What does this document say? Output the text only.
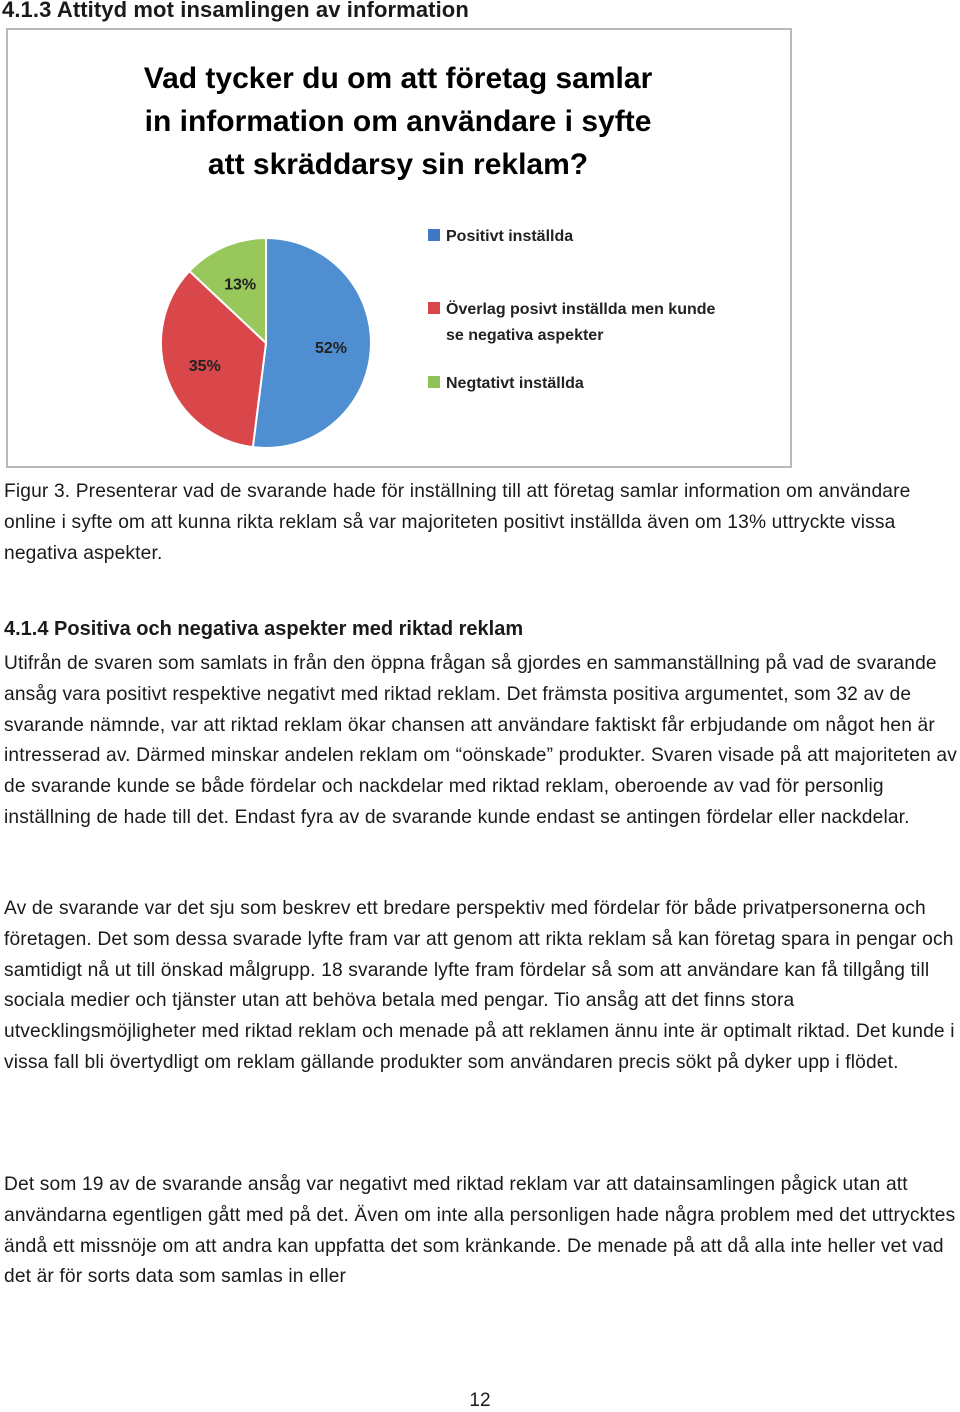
4.1.3 Attityd mot insamlingen av information
Vad tycker du om att företag samlar
in information om användare i syfte
att skräddarsy sin reklam?
52%
35%
13%
Positivt inställda
Överlag posivt inställda men kunde
se negativa aspekter
Negtativt inställda

Figur 3. Presenterar vad de svarande hade för inställning till att företag samlar information om användare online i syfte om att kunna rikta reklam så var majoriteten positivt inställda även om 13% uttryckte vissa negativa aspekter.

4.1.4 Positiva och negativa aspekter med riktad reklam

Utifrån de svaren som samlats in från den öppna frågan så gjordes en sammanställning på vad de svarande ansåg vara positivt respektive negativt med riktad reklam. Det främsta positiva argumentet, som 32 av de svarande nämnde, var att riktad reklam ökar chansen att användare faktiskt får erbjudande om något hen är intresserad av. Därmed minskar andelen reklam om “oönskade” produkter. Svaren visade på att majoriteten av de svarande kunde se både fördelar och nackdelar med riktad reklam, oberoende av vad för personlig inställning de hade till det. Endast fyra av de svarande kunde endast se antingen fördelar eller nackdelar.

Av de svarande var det sju som beskrev ett bredare perspektiv med fördelar för både privatpersonerna och företagen. Det som dessa svarade lyfte fram var att genom att rikta reklam så kan företag spara in pengar och samtidigt nå ut till önskad målgrupp. 18 svarande lyfte fram fördelar så som att användare kan få tillgång till sociala medier och tjänster utan att behöva betala med pengar. Tio ansåg att det finns stora utvecklingsmöjligheter med riktad reklam och menade på att reklamen ännu inte är optimalt riktad. Det kunde i vissa fall bli övertydligt om reklam gällande produkter som användaren precis sökt på dyker upp i flödet.

Det som 19 av de svarande ansåg var negativt med riktad reklam var att datainsamlingen pågick utan att användarna egentligen gått med på det. Även om inte alla personligen hade några problem med det uttrycktes ändå ett missnöje om att andra kan uppfatta det som kränkande. De menade på att då alla inte heller vet vad det är för sorts data som samlas in eller

12
